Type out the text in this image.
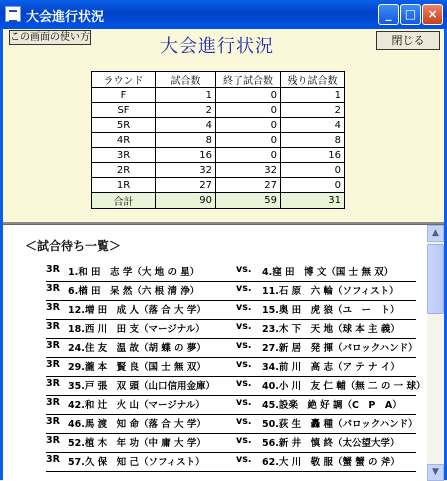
大会進行状況	_	□ ×
この画面の使い方	大会進行状況	閉じる
ラウンド	試合数	終了試合数	残り試合数
F	1	0	1
SF	2	0	2
5R	4	0	4
4R	8	0	8
3R	16	0	16
2R	32	32	0
1R	27	27	0
合計	90	59	31
＜試合待ち一覧＞
3R 1.和 田　志 学（大 地 の 星）	vs. 4.窪 田　博 文（国 士 無 双）
3R 6.楢 田　呆 然（六 根 清 浄）	vs. 11.石 原　六 輪（ソフィスト）
3R 12.増 田　成 人（落 合 大 学）	vs. 15.奥 田　虎 狼（ユ　ー　ト）
3R 18.西 川　田 支（マージナル）	vs. 23.木 下　天 地（球 本 主 義）
3R 24.住 友　温 故（胡 蝶 の 夢）	vs. 27.新 居　発 揮（パロックハンド）
3R 29.瀧 本　賢 良（国 士 無 双）	vs. 34.前 川　高 志（ア テ ナ イ）
3R 35.戸 張　双 頭（山口信用金庫） vs. 40.小 川　友 仁 輔（無 二 の 一 球）
3R 42.和 辻　火 山（マージナル）	vs. 45.設楽　絶 好 調（C　P　A）
3R 46.馬 渡　知 命（落 合 大 学）	vs. 50.荻 生　轟 種（パロックハンド）
3R 52.植 木　年 功（中 庸 大 学）	vs. 56.新 井　慎 終（太公望大学）
3R 57.久 保　知 己（ソフィスト）	vs. 62.大 川　敬 服（蟹 蟹 の 斧）
▲
▼
